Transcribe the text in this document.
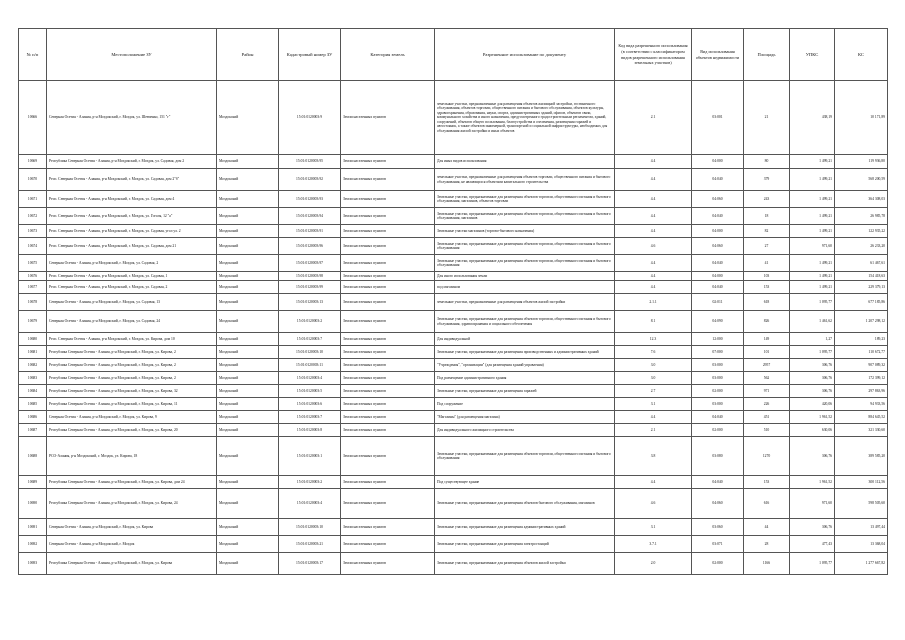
№ п/п	Местоположение ЗУ	Район	Кадастровый номер ЗУ	Категория земель	Разрешенное использование по документу	Код вида разрешенного использования (в соответствии с классификатором видов разрешенного использования земельных участков)	Вид использования объектов недвижимости	Площадь	УПКС	КС
10666	Северная Осетия - Алания, р-н Моздокский, г. Моздок, ул. Шевченко, 151 "г"	Моздокский	15:01:0120003:9	Земли населенных пунктов	земельные участки, предназначенные для размещения объектов жилищной застройки, гостиничного обслуживания, объектов торговли, общественного питания и бытового обслуживания, объектов культуры, здравоохранения, образования, науки, спорта, административных зданий, офисов, объектов связи, коммунального хозяйства и иного назначения, предусмотренного градостроительным регламентом, зданий, сооружений, объектов общего пользования, благоустройства и озеленения, размещения гаражей и автостоянок, а также объектов инженерной, транспортной и социальной инфраструктуры, необходимых для обслуживания жилой застройки и иных объектов	2.1	03:001	21	438,19	10 171,89
10669	Республика Северная Осетия - Алания, р-н Моздокский, г. Моздок, ул. Садовая, дом 2	Моздокский	15:01:0120003:95	Земли населенных пунктов	Для иных видов использования	4.4	04:000	80	1 499,21	119 936,80
10670	Респ. Северная Осетия - Алания, р-н Моздокский, г. Моздок, ул. Садовая, дом 2"б"	Моздокский	15:01:0120003:92	Земли населенных пунктов	земельные участки, предназначенные для размещения объектов торговли, общественного питания и бытового обслуживания, не являющихся объектами капитального строительства	4.4	04:040	379	1 499,21	568 200,59
10671	Респ. Северная Осетия - Алания, р-н Моздокский, г. Моздок, ул. Садовая, дом 4	Моздокский	15:01:0120003:93	Земли населенных пунктов	Земельные участки, предназначенные для размещения объектов торговли, общественного питания и бытового обслуживания, магазинов, объектов торговли	4.4	04:060	243	1 499,21	364 308,03
10672	Респ. Северная Осетия - Алания, р-н Моздокский, г. Моздок, ул. Гоголя, 12 "а"	Моздокский	15:01:0120003:94	Земли населенных пунктов	Земельные участки, предназначенные для размещения объектов торговли, общественного питания и бытового обслуживания, магазинов	4.4	04:040	18	1 499,21	26 985,78
10673	Респ. Северная Осетия - Алания, р-н Моздокский, г. Моздок, ул. Садовая, угол ул. 2	Моздокский	15:01:0120003:91	Земли населенных пунктов	Земельные участки магазинов (торгово-бытового назначения)	4.4	04:000	82	1 499,21	122 935,22
10674	Респ. Северная Осетия - Алания, р-н Моздокский, г. Моздок, ул. Садовая, дом 21	Моздокский	15:01:0120003:96	Земли населенных пунктов	Земельные участки, предназначенные для размещения объектов торговли, общественного питания и бытового обслуживания	4.6	04:060	27	971,60	26 233,20
10675	Северная Осетия - Алания, р-н Моздокский, г. Моздок, ул. Садовая, 2	Моздокский	15:01:0120003:97	Земли населенных пунктов	Земельные участки, предназначенные для размещения объектов торговли, общественного питания и бытового обслуживания	4.4	04:040	41	1 499,21	61 467,61
10676	Респ. Северная Осетия - Алания, р-н Моздокский, г. Моздок, ул. Садовая, 1	Моздокский	15:01:0120003:98	Земли населенных пунктов	Для иного использования земли	4.4	04:000	103	1 499,21	154 418,63
10677	Респ. Северная Осетия - Алания, р-н Моздокский, г. Моздок, ул. Садовая, 2	Моздокский	15:01:0120003:99	Земли населенных пунктов	под магазином	4.4	04:040	153	1 499,21	229 379,13
10678	Северная Осетия - Алания, р-н Моздокский, г. Моздок, ул. Садовая, 13	Моздокский	15:01:0120003:13	Земли населенных пунктов	земельные участки, предназначенные для размещения объектов жилой застройки	2.1.1	02:011	618	1 095,77	677 185,86
10679	Северная Осетия - Алания, р-н Моздокский, г. Моздок, ул. Садовая, 24	Моздокский	15:01:0120003:2	Земли населенных пунктов	Земельные участки, предназначенные для размещения объектов торговли, общественного питания и бытового обслуживания, здравоохранения и социального обеспечения	8.1	04:090	826	1 461,62	1 207 298,12
10680	Респ. Северная Осетия - Алания, р-н Моздокский, г. Моздок, ул. Кирова, дом 10	Моздокский	15:01:0120003:7	Земли населенных пунктов	Для индивидуальной	12.3	12:000	149	1,27	189,23
10681	Республика Северная Осетия - Алания, р-н Моздокский, г. Моздок, ул. Кирова, 2	Моздокский	15:01:0120003:10	Земли населенных пунктов	Земельные участки, предназначенные для размещения производственных и административных зданий	7.6	07:000	101	1 095,77	110 672,77
10682	Республика Северная Осетия - Алания, р-н Моздокский, г. Моздок, ул. Кирова, 2	Моздокский	15:01:0120003:11	Земли населенных пунктов	"Учреждения", "организации" (для размещения зданий управления)	3.0	03:000	2957	306,76	907 089,32
10683	Республика Северная Осетия - Алания, р-н Моздокский, г. Моздок, ул. Кирова, 2	Моздокский	15:01:0120003:4	Земли населенных пунктов	Под размещение административного здания	3.0	03:000	562	306,76	172 399,12
10684	Республика Северная Осетия - Алания, р-н Моздокский, г. Моздок, ул. Кирова, 32	Моздокский	15:01:0120003:5	Земли населенных пунктов	Земельные участки, предназначенные для размещения гаражей	2.7	02:000	971	306,76	297 863,96
10685	Республика Северная Осетия - Алания, р-н Моздокский, г. Моздок, ул. Кирова, 11	Моздокский	15:01:0120003:6	Земли населенных пунктов	Под сооружение	3.1	03:000	226	420,06	94 933,56
10686	Северная Осетия - Алания, р-н Моздокский, г. Моздок, ул. Кирова, 9	Моздокский	15:01:0120003:7	Земли населенных пунктов	"Магазины" (для размещения магазина)	4.4	04:040	451	1 961,52	884 645,52
10687	Республика Северная Осетия - Алания, р-н Моздокский, г. Моздок, ул. Кирова, 20	Моздокский	15:01:0120003:8	Земли населенных пунктов	Для индивидуального жилищного строительства	2.1	02:000	510	630,06	321 330,60
10688	РСО-Алания, р-н Моздокский, г. Моздок, ул. Кирова, 18	Моздокский	15:01:0120003:1	Земли населенных пунктов	Земельные участки, предназначенные для размещения объектов торговли, общественного питания и бытового обслуживания	3.8	03:080	1270	306,76	389 585,20
10689	Республика Северная Осетия - Алания, р-н Моздокский, г. Моздок, ул. Кирова, дом 24	Моздокский	15:01:0120003:2	Земли населенных пунктов	Под существующее здание	4.4	04:040	153	1 961,52	300 112,56
10690	Республика Северная Осетия - Алания, р-н Моздокский, г. Моздок, ул. Кирова, 24	Моздокский	15:01:0120003:4	Земли населенных пунктов	Земельные участки, предназначенные для размещения объектов бытового обслуживания, магазинов	4.6	04:060	616	971,60	598 505,60
10691	Северная Осетия - Алания, р-н Моздокский, г. Моздок, ул. Кирова	Моздокский	15:01:0120003:10	Земли населенных пунктов	Земельные участки, предназначенные для размещения административных зданий	3.1	03:060	44	306,76	13 497,44
10692	Северная Осетия - Алания, р-н Моздокский, г. Моздок	Моздокский	15:01:0120003:21	Земли населенных пунктов	Земельные участки, предназначенные для размещения электростанций	3.7.1	03:071	28	477,43	13 368,04
10693	Республика Северная Осетия - Алания, р-н Моздокский, г. Моздок, ул. Кирова	Моздокский	15:01:0120003:17	Земли населенных пунктов	Земельные участки, предназначенные для размещения объектов жилой застройки	2.0	02:000	1166	1 095,77	1 277 667,82
